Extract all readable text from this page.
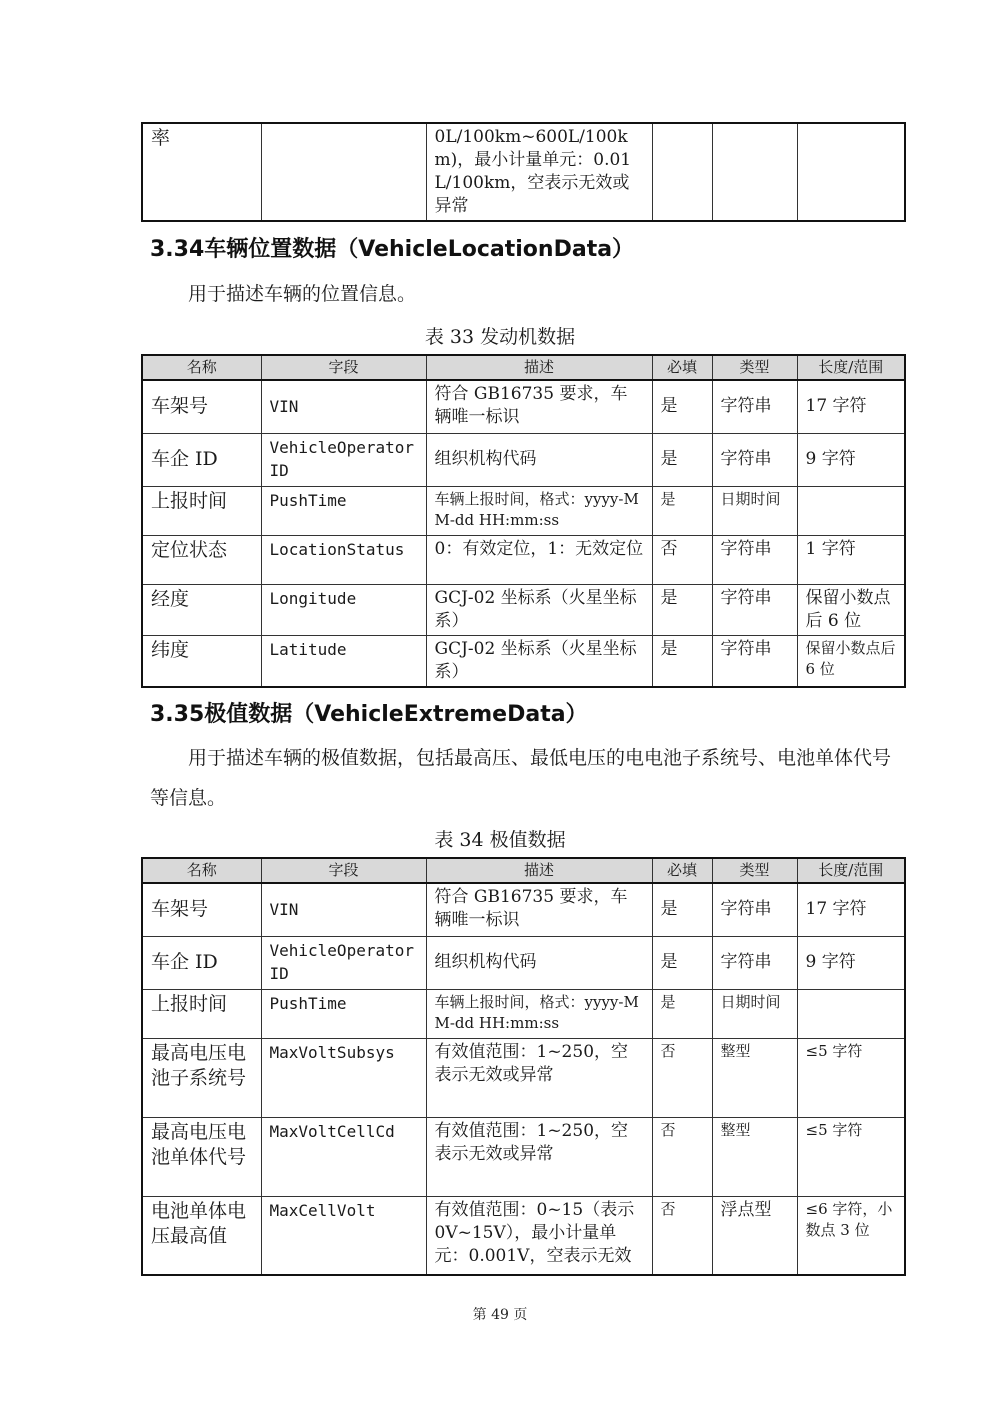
率		0L/100km~600L/100km)，最小计量单元：0.01L/100km，空表示无效或异常			
3.34车辆位置数据（VehicleLocationData）
用于描述车辆的位置信息。
表 33 发动机数据
名称	字段	描述	必填	类型	长度/范围
车架号	VIN	符合 GB16735 要求，车辆唯一标识	是	字符串	17 字符
车企 ID	VehicleOperatorID	组织机构代码	是	字符串	9 字符
上报时间	PushTime	车辆上报时间，格式：yyyy-MM-dd HH:mm:ss	是	日期时间	
定位状态	LocationStatus	0：有效定位，1：无效定位	否	字符串	1 字符
经度	Longitude	GCJ-02 坐标系（火星坐标系）	是	字符串	保留小数点后 6 位
纬度	Latitude	GCJ-02 坐标系（火星坐标系）	是	字符串	保留小数点后 6 位
3.35极值数据（VehicleExtremeData）
用于描述车辆的极值数据，包括最高压、最低电压的电电池子系统号、电池单体代号等信息。
表 34 极值数据
名称	字段	描述	必填	类型	长度/范围
车架号	VIN	符合 GB16735 要求，车辆唯一标识	是	字符串	17 字符
车企 ID	VehicleOperatorID	组织机构代码	是	字符串	9 字符
上报时间	PushTime	车辆上报时间，格式：yyyy-MM-dd HH:mm:ss	是	日期时间	
最高电压电池子系统号	MaxVoltSubsys	有效值范围：1~250，空表示无效或异常	否	整型	≤5 字符
最高电压电池单体代号	MaxVoltCellCd	有效值范围：1~250，空表示无效或异常	否	整型	≤5 字符
电池单体电压最高值	MaxCellVolt	有效值范围：0~15（表示0V~15V），最小计量单元：0.001V，空表示无效	否	浮点型	≤6 字符，小数点 3 位
第 49 页
